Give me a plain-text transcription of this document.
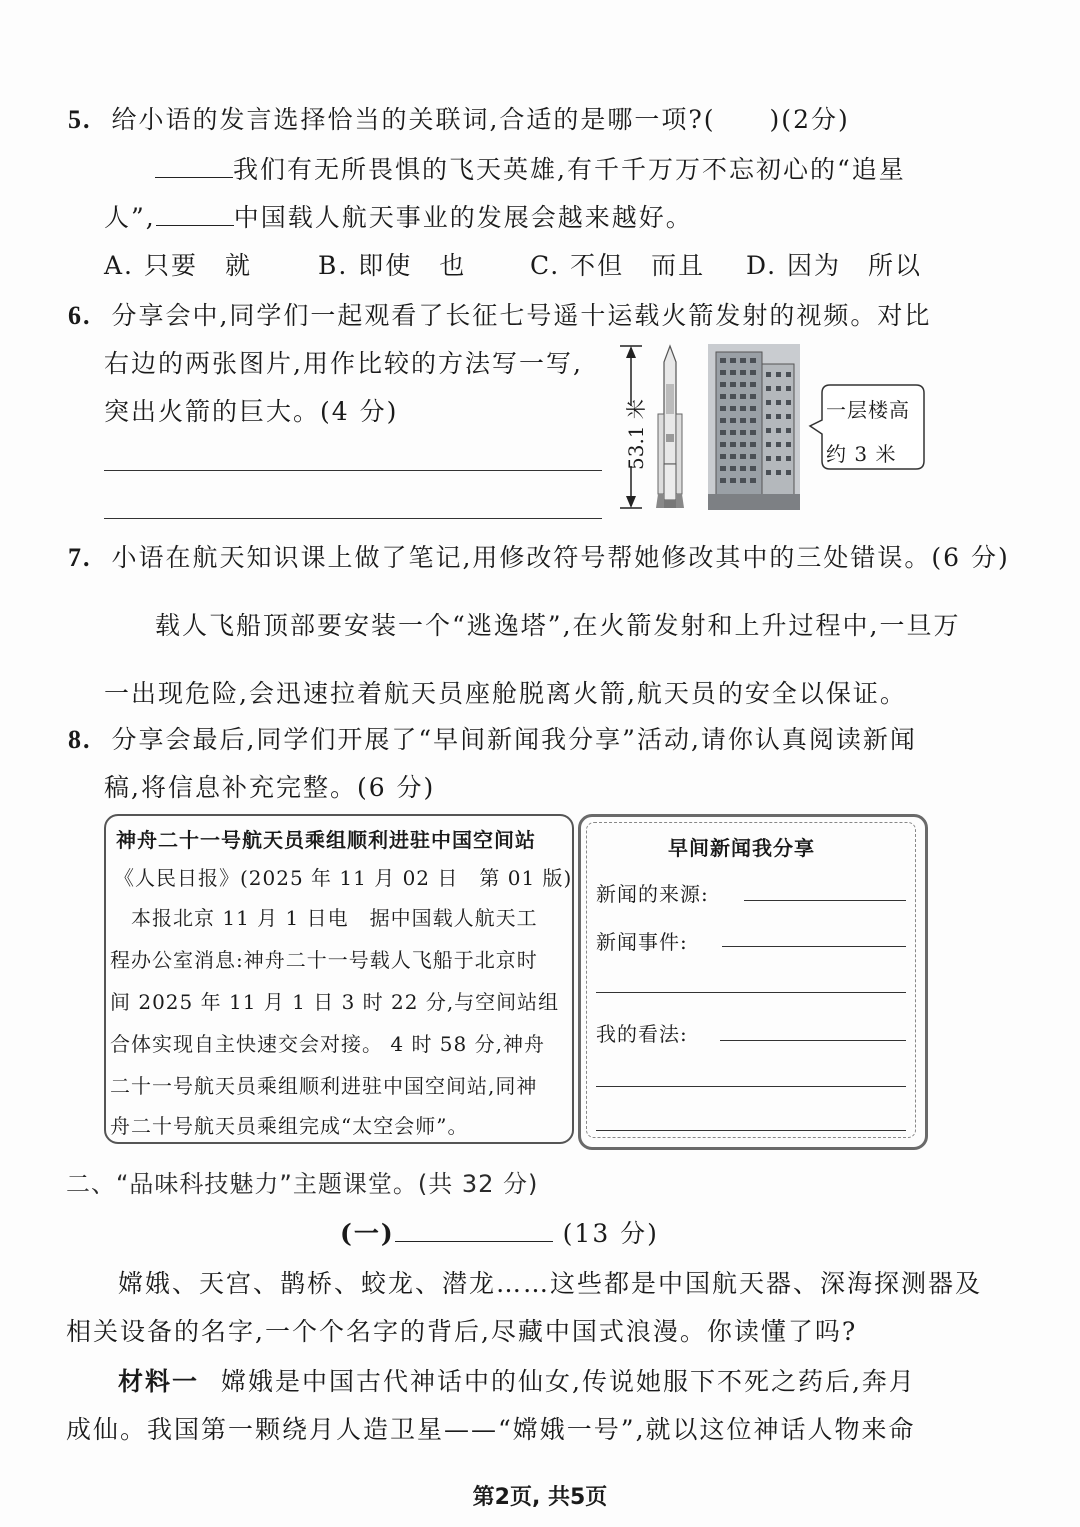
5. 给小语的发言选择恰当的关联词,合适的是哪一项?(　　)(2分)
我们有无所畏惧的飞天英雄,有千千万万不忘初心的“追星
人”,	中国载人航天事业的发展会越来越好。
A. 只要　就	B. 即使　也	C. 不但　而且 D. 因为　所以
6. 分享会中,同学们一起观看了长征七号遥十运载火箭发射的视频。对比
右边的两张图片,用作比较的方法写一写,
突出火箭的巨大。(4 分)	53.1 米	一层楼高
约 3 米
7. 小语在航天知识课上做了笔记,用修改符号帮她修改其中的三处错误。(6 分)
载人飞船顶部要安装一个“逃逸塔”,在火箭发射和上升过程中,一旦万
一出现危险,会迅速拉着航天员座舱脱离火箭,航天员的安全以保证。
8. 分享会最后,同学们开展了“早间新闻我分享”活动,请你认真阅读新闻
稿,将信息补充完整。(6 分)
神舟二十一号航天员乘组顺利进驻中国空间站
《人民日报》(2025 年 11 月 02 日　第 01 版)
　本报北京 11 月 1 日电　据中国载人航天工
程办公室消息:神舟二十一号载人飞船于北京时
间 2025 年 11 月 1 日 3 时 22 分,与空间站组
合体实现自主快速交会对接。 4 时 58 分,神舟
二十一号航天员乘组顺利进驻中国空间站,同神
舟二十号航天员乘组完成“太空会师”。
早间新闻我分享
新闻的来源:
新闻事件:
我的看法:
二、“品味科技魅力”主题课堂。(共 32 分)
(一)	(13 分)
嫦娥、天宫、鹊桥、蛟龙、潜龙……这些都是中国航天器、深海探测器及
相关设备的名字,一个个名字的背后,尽藏中国式浪漫。你读懂了吗?
材料一 嫦娥是中国古代神话中的仙女,传说她服下不死之药后,奔月
成仙。我国第一颗绕月人造卫星——“嫦娥一号”,就以这位神话人物来命
第2页, 共5页
